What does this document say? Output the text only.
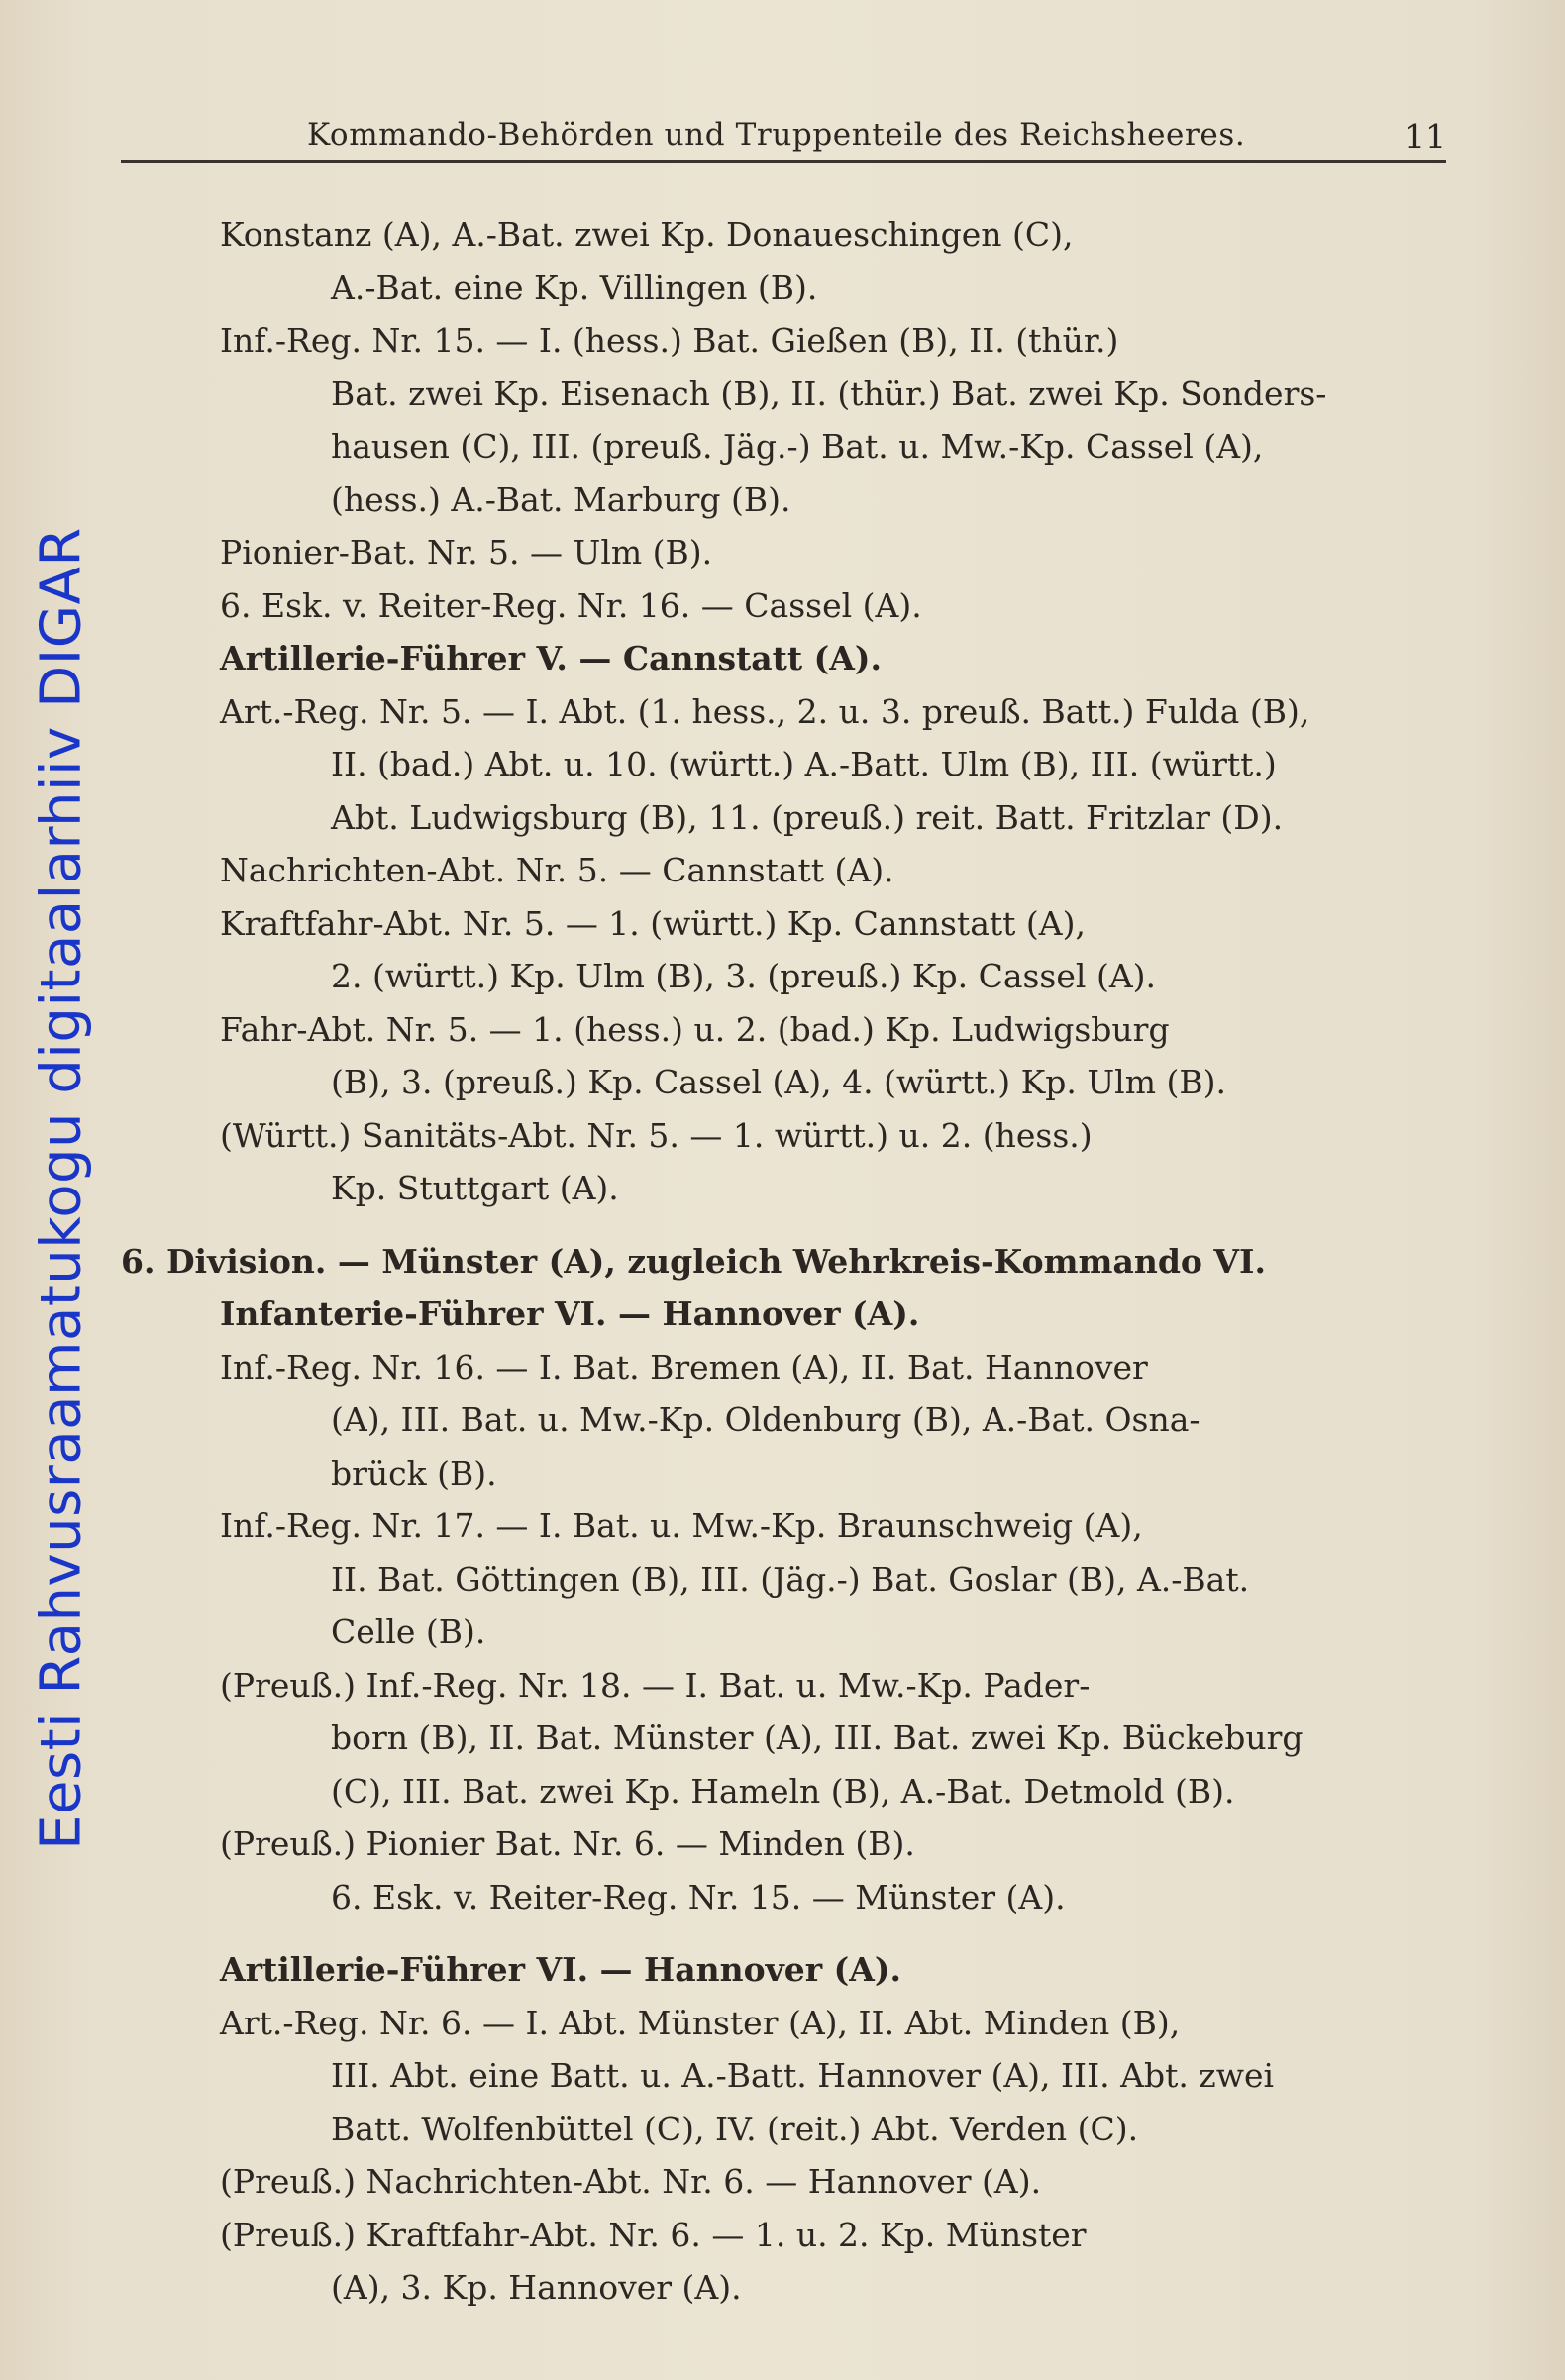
Eesti Rahvusraamatukogu digitaalarhiiv DIGAR
Kommando-Behörden und Truppenteile des Reichsheeres.	11
Konstanz (A), A.-Bat. zwei Kp. Donaueschingen (C),
A.-Bat. eine Kp. Villingen (B).
Inf.-Reg. Nr. 15. — I. (hess.) Bat. Gießen (B), II. (thür.)
Bat. zwei Kp. Eisenach (B), II. (thür.) Bat. zwei Kp. Sonders-
hausen (C), III. (preuß. Jäg.-) Bat. u. Mw.-Kp. Cassel (A),
(hess.) A.-Bat. Marburg (B).
Pionier-Bat. Nr. 5. — Ulm (B).
6. Esk. v. Reiter-Reg. Nr. 16. — Cassel (A).
Artillerie-Führer V. — Cannstatt (A).
Art.-Reg. Nr. 5. — I. Abt. (1. hess., 2. u. 3. preuß. Batt.) Fulda (B),
II. (bad.) Abt. u. 10. (württ.) A.-Batt. Ulm (B), III. (württ.)
Abt. Ludwigsburg (B), 11. (preuß.) reit. Batt. Fritzlar (D).
Nachrichten-Abt. Nr. 5. — Cannstatt (A).
Kraftfahr-Abt. Nr. 5. — 1. (württ.) Kp. Cannstatt (A),
2. (württ.) Kp. Ulm (B), 3. (preuß.) Kp. Cassel (A).
Fahr-Abt. Nr. 5. — 1. (hess.) u. 2. (bad.) Kp. Ludwigsburg
(B), 3. (preuß.) Kp. Cassel (A), 4. (württ.) Kp. Ulm (B).
(Württ.) Sanitäts-Abt. Nr. 5. — 1. württ.) u. 2. (hess.)
Kp. Stuttgart (A).
6. Division. — Münster (A), zugleich Wehrkreis-Kommando VI.
Infanterie-Führer VI. — Hannover (A).
Inf.-Reg. Nr. 16. — I. Bat. Bremen (A), II. Bat. Hannover
(A), III. Bat. u. Mw.-Kp. Oldenburg (B), A.-Bat. Osna-
brück (B).
Inf.-Reg. Nr. 17. — I. Bat. u. Mw.-Kp. Braunschweig (A),
II. Bat. Göttingen (B), III. (Jäg.-) Bat. Goslar (B), A.-Bat.
Celle (B).
(Preuß.) Inf.-Reg. Nr. 18. — I. Bat. u. Mw.-Kp. Pader-
born (B), II. Bat. Münster (A), III. Bat. zwei Kp. Bückeburg
(C), III. Bat. zwei Kp. Hameln (B), A.-Bat. Detmold (B).
(Preuß.) Pionier Bat. Nr. 6. — Minden (B).
6. Esk. v. Reiter-Reg. Nr. 15. — Münster (A).
Artillerie-Führer VI. — Hannover (A).
Art.-Reg. Nr. 6. — I. Abt. Münster (A), II. Abt. Minden (B),
III. Abt. eine Batt. u. A.-Batt. Hannover (A), III. Abt. zwei
Batt. Wolfenbüttel (C), IV. (reit.) Abt. Verden (C).
(Preuß.) Nachrichten-Abt. Nr. 6. — Hannover (A).
(Preuß.) Kraftfahr-Abt. Nr. 6. — 1. u. 2. Kp. Münster
(A), 3. Kp. Hannover (A).
